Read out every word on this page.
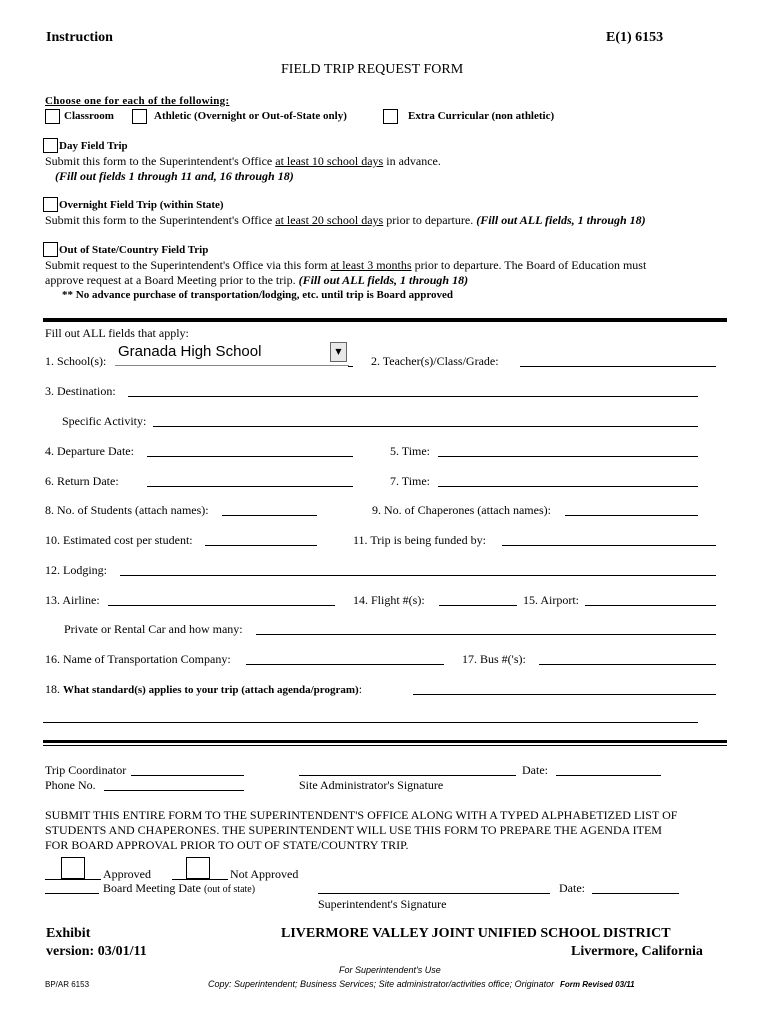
Instruction	E(1) 6153
FIELD TRIP REQUEST FORM
Choose one for each of the following:
Classroom	Athletic (Overnight or Out-of-State only)	Extra Curricular (non athletic)
Day Field Trip
Submit this form to the Superintendent's Office at least 10 school days in advance.
(Fill out fields 1 through 11 and, 16 through 18)
Overnight Field Trip (within State)
Submit this form to the Superintendent's Office at least 20 school days prior to departure. (Fill out ALL fields, 1 through 18)
Out of State/Country Field Trip
Submit request to the Superintendent's Office via this form at least 3 months prior to departure. The Board of Education must
approve request at a Board Meeting prior to the trip. (Fill out ALL fields, 1 through 18)
** No advance purchase of transportation/lodging, etc. until trip is Board approved
Fill out ALL fields that apply:
1. School(s):
Granada High School	▼
2. Teacher(s)/Class/Grade:
3. Destination:
Specific Activity:
4. Departure Date:	5. Time:
6. Return Date:	7. Time:
8. No. of Students (attach names):	9. No. of Chaperones (attach names):
10. Estimated cost per student:	11. Trip is being funded by:
12. Lodging:
13. Airline:	14. Flight #(s):	15. Airport:
Private or Rental Car and how many:
16. Name of Transportation Company:	17. Bus #('s):
18. What standard(s) applies to your trip (attach agenda/program):
Trip Coordinator
Phone No.
Date:
Site Administrator's Signature
SUBMIT THIS ENTIRE FORM TO THE SUPERINTENDENT'S OFFICE ALONG WITH A TYPED ALPHABETIZED LIST OF
STUDENTS AND CHAPERONES. THE SUPERINTENDENT WILL USE THIS FORM TO PREPARE THE AGENDA ITEM
FOR BOARD APPROVAL PRIOR TO OUT OF STATE/COUNTRY TRIP.
Approved	Not Approved
Board Meeting Date (out of state)	Date:
Superintendent's Signature
Exhibit
version: 03/01/11
LIVERMORE VALLEY JOINT UNIFIED SCHOOL DISTRICT
Livermore, California
For Superintendent's Use
BP/AR 6153	Copy: Superintendent; Business Services; Site administrator/activities office; Originator Form Revised 03/11
